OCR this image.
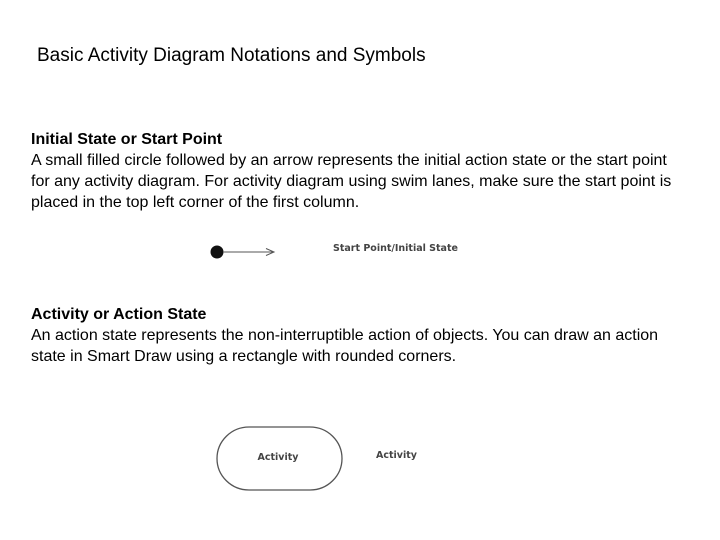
Basic Activity Diagram Notations and Symbols
Initial State or Start Point
A small filled circle followed by an arrow represents the initial action state or the start point for any activity diagram. For activity diagram using swim lanes, make sure the start point is placed in the top left corner of the first column.
Start Point/Initial State
Activity or Action State
An action state represents the non-interruptible action of objects. You can draw an action state in Smart Draw using a rectangle with rounded corners.
Activity	Activity
